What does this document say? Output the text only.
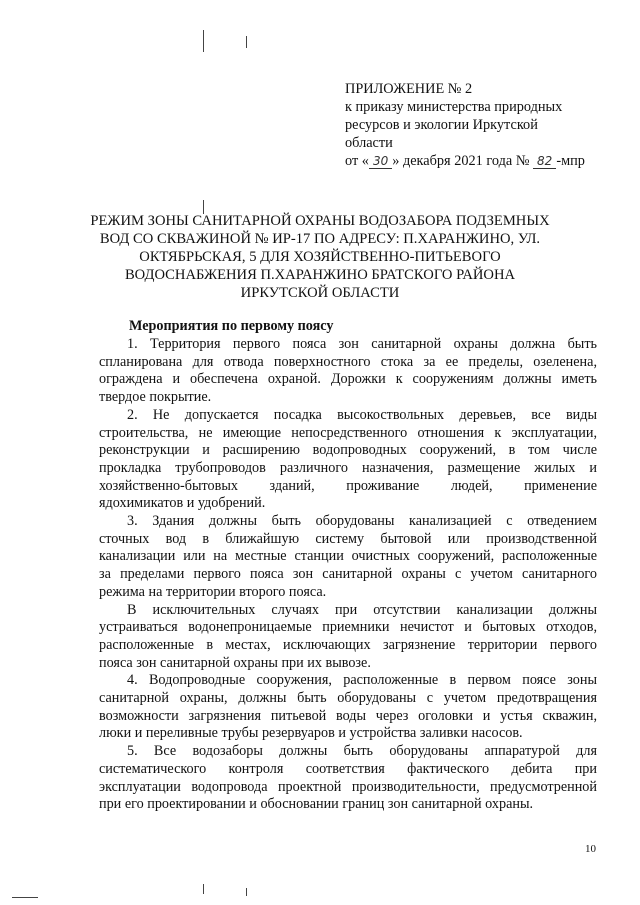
ПРИЛОЖЕНИЕ № 2
к приказу министерства природных
ресурсов и экологии Иркутской
области
от « 30 » декабря 2021 года № 82 -мпр
РЕЖИМ ЗОНЫ САНИТАРНОЙ ОХРАНЫ ВОДОЗАБОРА ПОДЗЕМНЫХ
ВОД СО СКВАЖИНОЙ № ИР-17 ПО АДРЕСУ: П.ХАРАНЖИНО, УЛ.
ОКТЯБРЬСКАЯ, 5 ДЛЯ ХОЗЯЙСТВЕННО-ПИТЬЕВОГО
ВОДОСНАБЖЕНИЯ П.ХАРАНЖИНО БРАТСКОГО РАЙОНА
ИРКУТСКОЙ ОБЛАСТИ

Мероприятия по первому поясу

1. Территория первого пояса зон санитарной охраны должна быть
спланирована для отвода поверхностного стока за ее пределы, озеленена,
ограждена и обеспечена охраной. Дорожки к сооружениям должны иметь
твердое покрытие.
2. Не допускается посадка высокоствольных деревьев, все виды
строительства, не имеющие непосредственного отношения к эксплуатации,
реконструкции и расширению водопроводных сооружений, в том числе
прокладка трубопроводов различного назначения, размещение жилых и
хозяйственно-бытовых зданий, проживание людей, применение
ядохимикатов и удобрений.
3. Здания должны быть оборудованы канализацией с отведением
сточных вод в ближайшую систему бытовой или производственной
канализации или на местные станции очистных сооружений, расположенные
за пределами первого пояса зон санитарной охраны с учетом санитарного
режима на территории второго пояса.
В исключительных случаях при отсутствии канализации должны
устраиваться водонепроницаемые приемники нечистот и бытовых отходов,
расположенные в местах, исключающих загрязнение территории первого
пояса зон санитарной охраны при их вывозе.
4. Водопроводные сооружения, расположенные в первом поясе зоны
санитарной охраны, должны быть оборудованы с учетом предотвращения
возможности загрязнения питьевой воды через оголовки и устья скважин,
люки и переливные трубы резервуаров и устройства заливки насосов.
5. Все водозаборы должны быть оборудованы аппаратурой для
систематического контроля соответствия фактического дебита при
эксплуатации водопровода проектной производительности, предусмотренной
при его проектировании и обосновании границ зон санитарной охраны.
10
